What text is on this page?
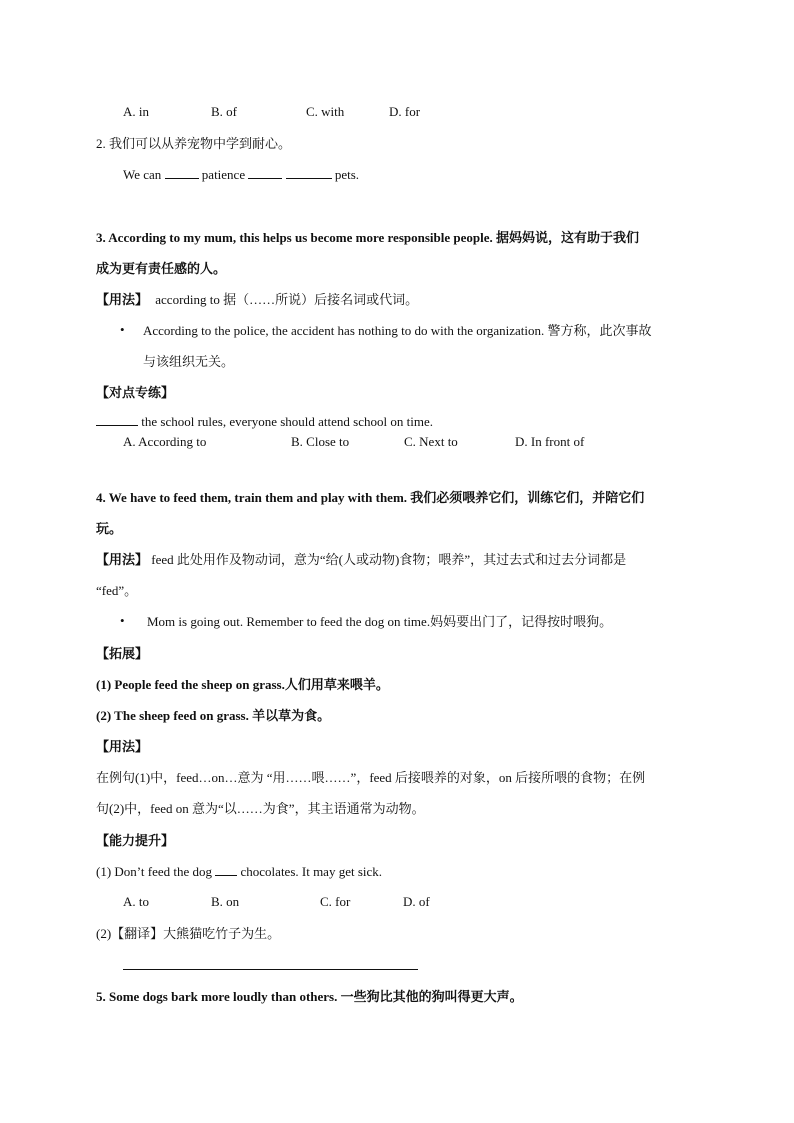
A. in	B. of	C. with	D. for
2. 我们可以从养宠物中学到耐心。
We can	patience	pets.
3. According to my mum, this helps us become more responsible people. 据妈妈说，这有助于我们
成为更有责任感的人。
【用法】 according to 据（……所说）后接名词或代词。
• According to the police, the accident has nothing to do with the organization. 警方称，此次事故
与该组织无关。
【对点专练】
the school rules, everyone should attend school on time.
A. According to	B. Close to	C. Next to	D. In front of
4. We have to feed them, train them and play with them. 我们必须喂养它们，训练它们，并陪它们
玩。
【用法】 feed 此处用作及物动词，意为“给(人或动物)食物；喂养”，其过去式和过去分词都是
“fed”。
• Mom is going out. Remember to feed the dog on time.妈妈要出门了，记得按时喂狗。
【拓展】
(1) People feed the sheep on grass.人们用草来喂羊。
(2) The sheep feed on grass. 羊以草为食。
【用法】
在例句(1)中，feed…on…意为 “用……喂……”，feed 后接喂养的对象，on 后接所喂的食物；在例
句(2)中，feed on 意为“以……为食”，其主语通常为动物。
【能力提升】
(1) Don’t feed the dog chocolates. It may get sick.
A. to	B. on	C. for	D. of
(2)【翻译】大熊猫吃竹子为生。
5. Some dogs bark more loudly than others. 一些狗比其他的狗叫得更大声。
